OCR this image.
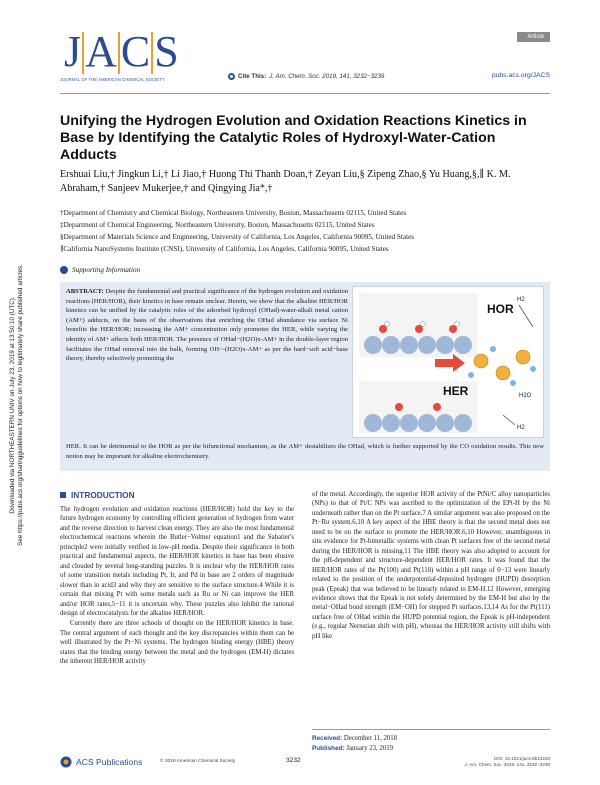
Downloaded via NORTHEASTERN UNIV on July 23, 2019 at 13:50:10 (UTC). See https://pubs.acs.org/sharingguidelines for options on how to legitimately share published articles.
J A C S
JOURNAL OF THE AMERICAN CHEMICAL SOCIETY
Article
Cite This: J. Am. Chem. Soc. 2019, 141, 3232−3239	pubs.acs.org/JACS
Unifying the Hydrogen Evolution and Oxidation Reactions Kinetics in Base by Identifying the Catalytic Roles of Hydroxyl-Water-Cation Adducts
Ershuai Liu,† Jingkun Li,† Li Jiao,† Huong Thi Thanh Doan,† Zeyan Liu,§ Zipeng Zhao,§ Yu Huang,§,∥ K. M. Abraham,† Sanjeev Mukerjee,† and Qingying Jia*,†
†Department of Chemistry and Chemical Biology, Northeastern University, Boston, Massachusetts 02115, United States
‡Department of Chemical Engineering, Northeastern University, Boston, Massachusetts 02115, United States
§Department of Materials Science and Engineering, University of California, Los Angeles, California 90095, United States
∥California NanoSystems Institute (CNSI), University of California, Los Angeles, California 90095, United States
Supporting Information
ABSTRACT: Despite the fundamental and practical significance of the hydrogen evolution and oxidation reactions (HER/HOR), their kinetics in base remain unclear. Herein, we show that the alkaline HER/HOR kinetics can be unified by the catalytic roles of the adsorbed hydroxyl (OHad)-water-alkali metal cation (AM+) adducts, on the basis of the observations that enriching the OHad abundance via surface Ni benefits the HER/HOR; increasing the AM+ concentration only promotes the HER, while varying the identity of AM+ affects both HER/HOR. The presence of OHad−(H2O)x-AM+ in the double-layer region facilitates the OHad removal into the bulk, forming OH−-(H2O)x-AM+ as per the hard−soft acid−base theory, thereby selectively promoting the
HOR
H2
H2O
HER
H2
HER. It can be detrimental to the HOR as per the bifunctional mechanism, as the AM+ destabilizes the OHad, which is further supported by the CO oxidation results. This new notion may be important for alkaline electrochemistry.
INTRODUCTION

The hydrogen evolution and oxidation reactions (HER/HOR) hold the key to the future hydrogen economy by controlling efficient generation of hydrogen from water and the reverse direction to harvest clean energy. They are also the most fundamental electrochemical reactions wherein the Butler−Volmer equation1 and the Sabatier's principle2 were initially verified in low-pH media. Despite their significance in both practical and fundamental aspects, the HER/HOR kinetics in base has been elusive and clouded by several long-standing puzzles. It is unclear why the HER/HOR rates of some transition metals including Pt, Ir, and Pd in base are 2 orders of magnitude slower than in acid3 and why they are sensitive to the surface structure.4 While it is certain that mixing Pt with some metals such as Ru or Ni can improve the HER and/or HOR rates,5−11 it is uncertain why. These puzzles also inhibit the rational design of electrocatalysts for the alkaline HER/HOR.

Currently there are three schools of thought on the HER/HOR kinetics in base. The central argument of each thought and the key discrepancies within them can be well illustrated by the Pt−Ni systems. The hydrogen binding energy (HBE) theory states that the binding energy between the metal and the hydrogen (EM-H) dictates the inherent HER/HOR activity

of the metal. Accordingly, the superior HOR activity of the PtNi/C alloy nanoparticles (NPs) to that of Pt/C NPs was ascribed to the optimization of the EPt-H by the Ni underneath rather than on the Pt surface.7 A similar argument was also proposed on the Pt−Ru system.6,10 A key aspect of the HBE theory is that the second metal does not need to be on the surface to promote the HER/HOR.6,10 However, unambiguous in situ evidence for Pt-bimetallic systems with clean Pt surfaces free of the second metal during the HER/HOR is missing.11 The HBE theory was also adopted to account for the pH-dependent and structure-dependent HER/HOR rates. It was found that the HER/HOR rates of the Pt(100) and Pt(110) within a pH range of 0−13 were linearly related to the position of the underpotential-deposited hydrogen (HUPD) desorption peak (Epeak) that was believed to be linearly related to EM-H.12 However, emerging evidence shows that the Epeak is not solely determined by the EM-H but also by the metal−OHad bond strength (EM−OH) for stepped Pt surfaces.13,14 As for the Pt(111) surface free of OHad within the HUPD potential region, the Epeak is pH-independent (e.g., regular Nernstian shift with pH), whereas the HER/HOR activity still shifts with pH like

Received: December 11, 2018
Published: January 23, 2019
ACS Publications	© 2019 American Chemical Society	3232	DOI: 10.1021/jacs.8b13228
J. Am. Chem. Soc. 2019, 141, 3232−3239
